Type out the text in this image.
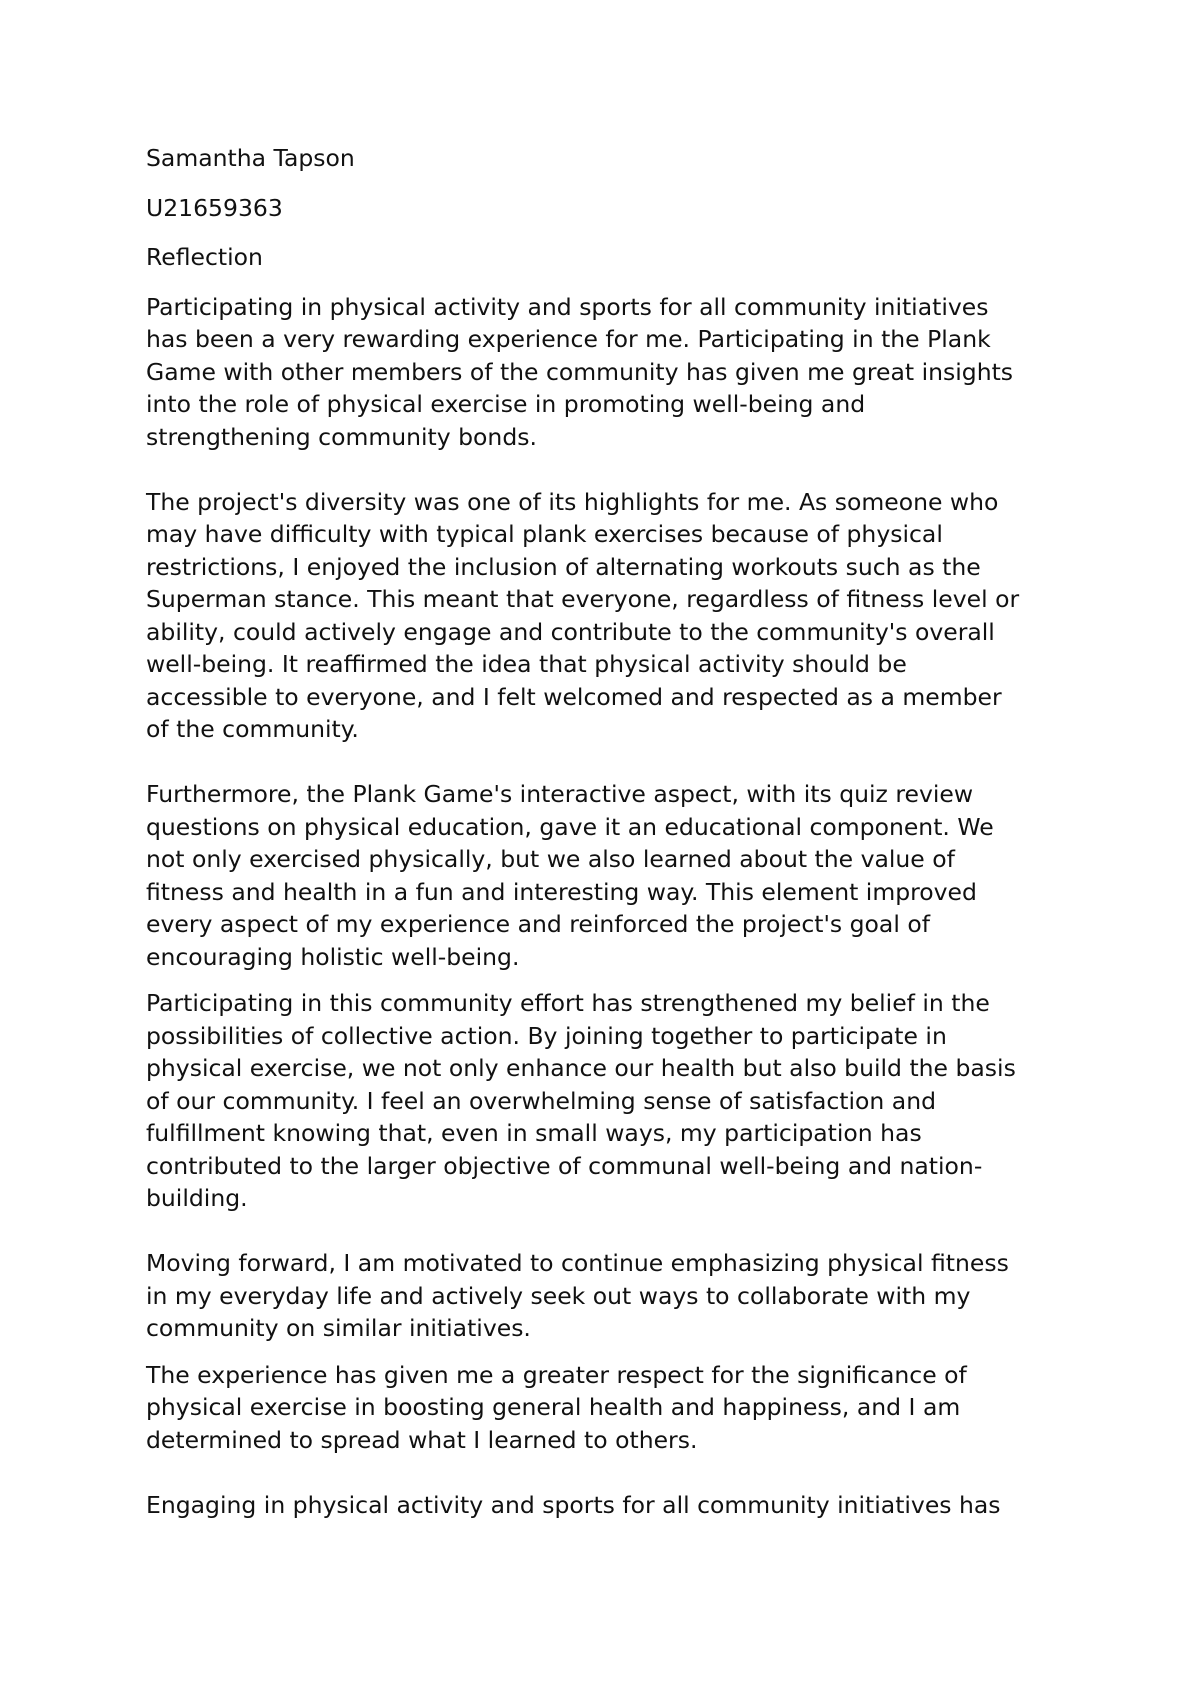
Samantha Tapson
U21659363
Reflection
Participating in physical activity and sports for all community initiatives
has been a very rewarding experience for me. Participating in the Plank
Game with other members of the community has given me great insights
into the role of physical exercise in promoting well-being and
strengthening community bonds.
The project's diversity was one of its highlights for me. As someone who
may have difficulty with typical plank exercises because of physical
restrictions, I enjoyed the inclusion of alternating workouts such as the
Superman stance. This meant that everyone, regardless of fitness level or
ability, could actively engage and contribute to the community's overall
well-being. It reaffirmed the idea that physical activity should be
accessible to everyone, and I felt welcomed and respected as a member
of the community.
Furthermore, the Plank Game's interactive aspect, with its quiz review
questions on physical education, gave it an educational component. We
not only exercised physically, but we also learned about the value of
fitness and health in a fun and interesting way. This element improved
every aspect of my experience and reinforced the project's goal of
encouraging holistic well-being.
Participating in this community effort has strengthened my belief in the
possibilities of collective action. By joining together to participate in
physical exercise, we not only enhance our health but also build the basis
of our community. I feel an overwhelming sense of satisfaction and
fulfillment knowing that, even in small ways, my participation has
contributed to the larger objective of communal well-being and nation-
building.
Moving forward, I am motivated to continue emphasizing physical fitness
in my everyday life and actively seek out ways to collaborate with my
community on similar initiatives.
The experience has given me a greater respect for the significance of
physical exercise in boosting general health and happiness, and I am
determined to spread what I learned to others.
Engaging in physical activity and sports for all community initiatives has
